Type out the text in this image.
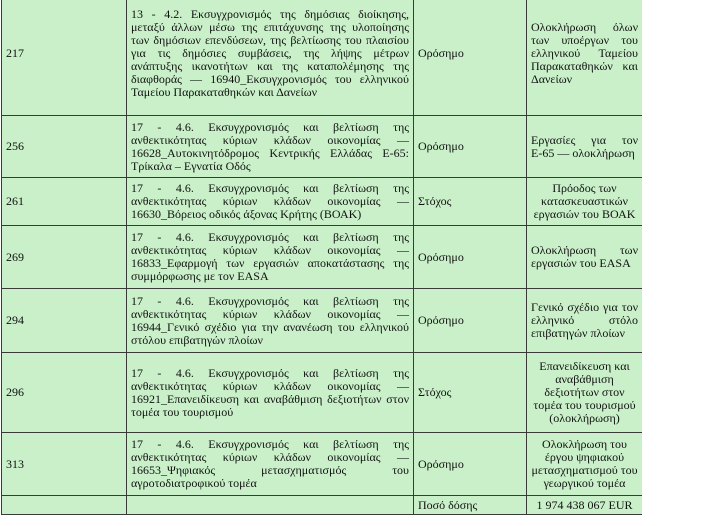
217	13 - 4.2. Εκσυγχρονισμός της δημόσιας διοίκησης, μεταξύ άλλων μέσω της επιτάχυνσης της υλοποίησης των δημόσιων επενδύσεων, της βελτίωσης του πλαισίου για τις δημόσιες συμβάσεις, της λήψης μέτρων ανάπτυξης ικανοτήτων και της καταπολέμησης της διαφθοράς — 16940_Εκσυγχρονισμός του ελληνικού Ταμείου Παρακαταθηκών και Δανείων	Ορόσημο	Ολοκλήρωση όλων των υποέργων του ελληνικού Ταμείου Παρακαταθηκών και Δανείων
256	17 - 4.6. Εκσυγχρονισμός και βελτίωση της ανθεκτικότητας κύριων κλάδων οικονομίας — 16628_Αυτοκινητόδρομος Κεντρικής Ελλάδας Ε-65: Τρίκαλα – Εγνατία Οδός	Ορόσημο	Εργασίες για τον Ε-65 — ολοκλήρωση
261	17 - 4.6. Εκσυγχρονισμός και βελτίωση της ανθεκτικότητας κύριων κλάδων οικονομίας — 16630_Βόρειος οδικός άξονας Κρήτης (ΒΟΑΚ)	Στόχος	Πρόοδος των κατασκευαστικών εργασιών του ΒΟΑΚ
269	17 - 4.6. Εκσυγχρονισμός και βελτίωση της ανθεκτικότητας κύριων κλάδων οικονομίας — 16833_Εφαρμογή των εργασιών αποκατάστασης της συμμόρφωσης με τον EASA	Ορόσημο	Ολοκλήρωση των εργασιών του EASA
294	17 - 4.6. Εκσυγχρονισμός και βελτίωση της ανθεκτικότητας κύριων κλάδων οικονομίας — 16944_Γενικό σχέδιο για την ανανέωση του ελληνικού στόλου επιβατηγών πλοίων	Ορόσημο	Γενικό σχέδιο για τον ελληνικό στόλο επιβατηγών πλοίων
296	17 - 4.6. Εκσυγχρονισμός και βελτίωση της ανθεκτικότητας κύριων κλάδων οικονομίας — 16921_Επανειδίκευση και αναβάθμιση δεξιοτήτων στον τομέα του τουρισμού	Στόχος	Επανειδίκευση και αναβάθμιση δεξιοτήτων στον τομέα του τουρισμού (ολοκλήρωση)
313	17 - 4.6. Εκσυγχρονισμός και βελτίωση της ανθεκτικότητας κύριων κλάδων οικονομίας — 16653_Ψηφιακός μετασχηματισμός του αγροτοδιατροφικού τομέα	Ορόσημο	Ολοκλήρωση του έργου ψηφιακού μετασχηματισμού του γεωργικού τομέα
		Ποσό δόσης	1 974 438 067 EUR
